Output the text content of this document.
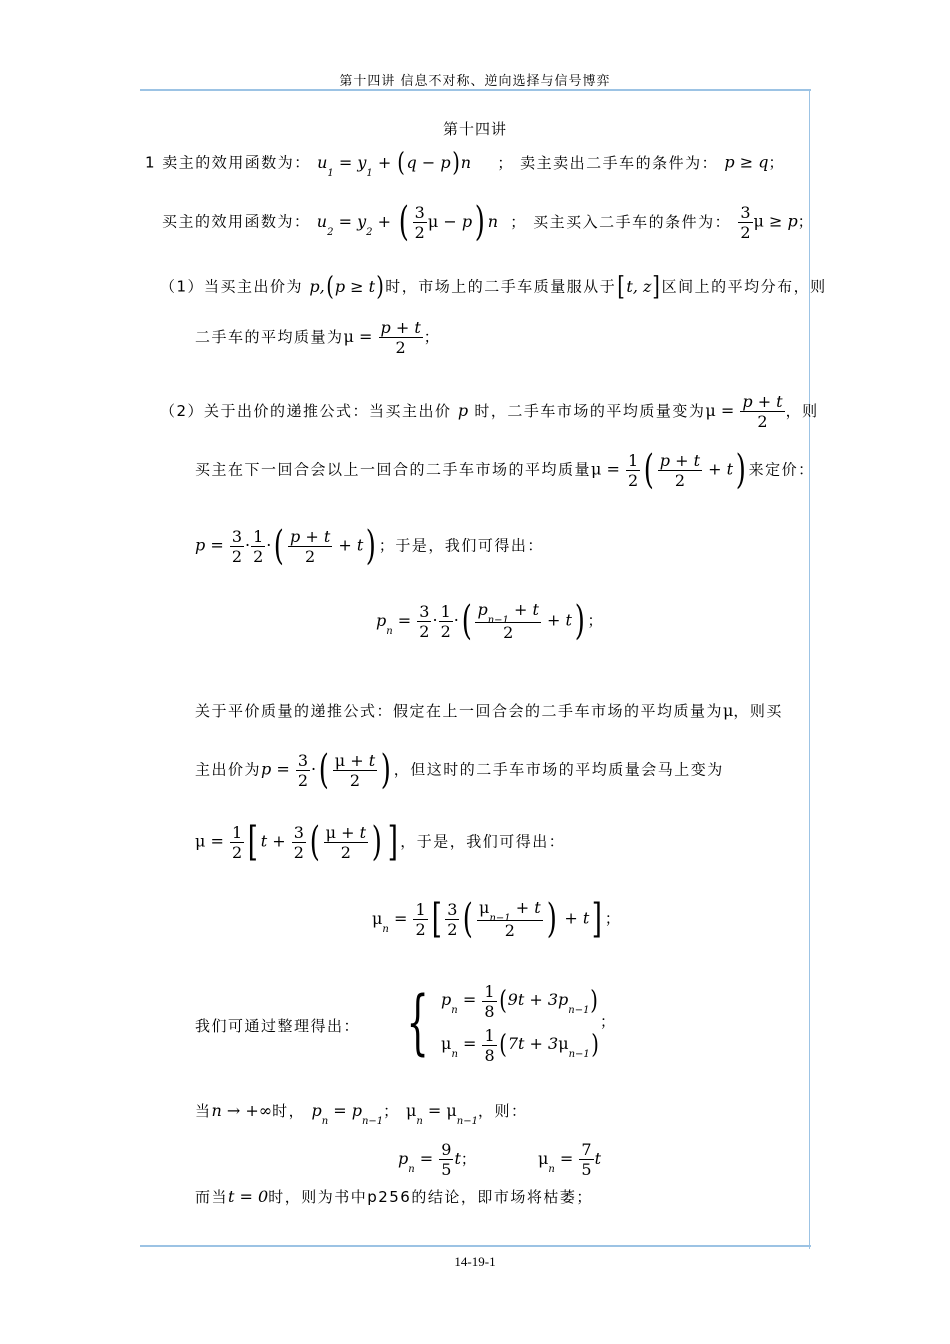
第十四讲 信息不对称、逆向选择与信号博弈
第十四讲
1 卖主的效用函数为： $u_1 = y_1 + (q - p)n$ ； 卖主卖出二手车的条件为： p ≥ q；
买主的效用函数为： $u_2 = y_2$ + ( $\frac{3}{2}$ μ − p) n ； 买主买入二手车的条件为： $\frac{3}{2}$ μ ≥ p；
（1）当买主出价为 p,(p ≥ t)时，市场上的二手车质量服从于[t, z]区间上的平均分布，则
二手车的平均质量为$\mu = \frac{p + t}{2}$ ；
（2）关于出价的递推公式：当买主出价 p 时，二手车市场的平均质量变为$\mu = \frac{p + t}{2}$ ，则
买主在下一回合会以上一回合的二手车市场的平均质量$\mu = \frac{1}{2}$ ( $\frac{p + t}{2} + t$) 来定价：
$p = \frac{3}{2} \cdot \frac{1}{2}$ ·( $\frac{p + t}{2} + t$) ；于是，我们可得出：
$p_n = \frac{3}{2} \cdot \frac{1}{2}$ ·( $\frac{p_{n-1} + t}{2} + t$) ；
关于平价质量的递推公式：假定在上一回合会的二手车市场的平均质量为μ，则买
主出价为$p = \frac{3}{2}$ ·( $\frac{\mu + t}{2}$ ) ，但这时的二手车市场的平均质量会马上变为
$\mu = \frac{1}{2}$ [ $t + \frac{3}{2}$ ( $\frac{\mu + t}{2}$ ) ] ，于是，我们可得出：
$\mu_n = \frac{1}{2}$ [ $\frac{3}{2}$ ( $\frac{\mu_{n-1} + t}{2}$ ) + t] ；
我们可通过整理得出： { $p_n = \frac{1}{8} (9t + 3p_{n-1})$
$\mu_n = \frac{1}{8} (7t + 3\mu_{n-1})$
；
当n → +∞时， $p_n = p_{n-1}$； $\mu_n = \mu_{n-1}$，则：
$p_n = \frac{9}{5}$ t；	$\mu_n = \frac{7}{5}$ t
而当t = 0时，则为书中p256的结论，即市场将枯萎；
14-19-1
